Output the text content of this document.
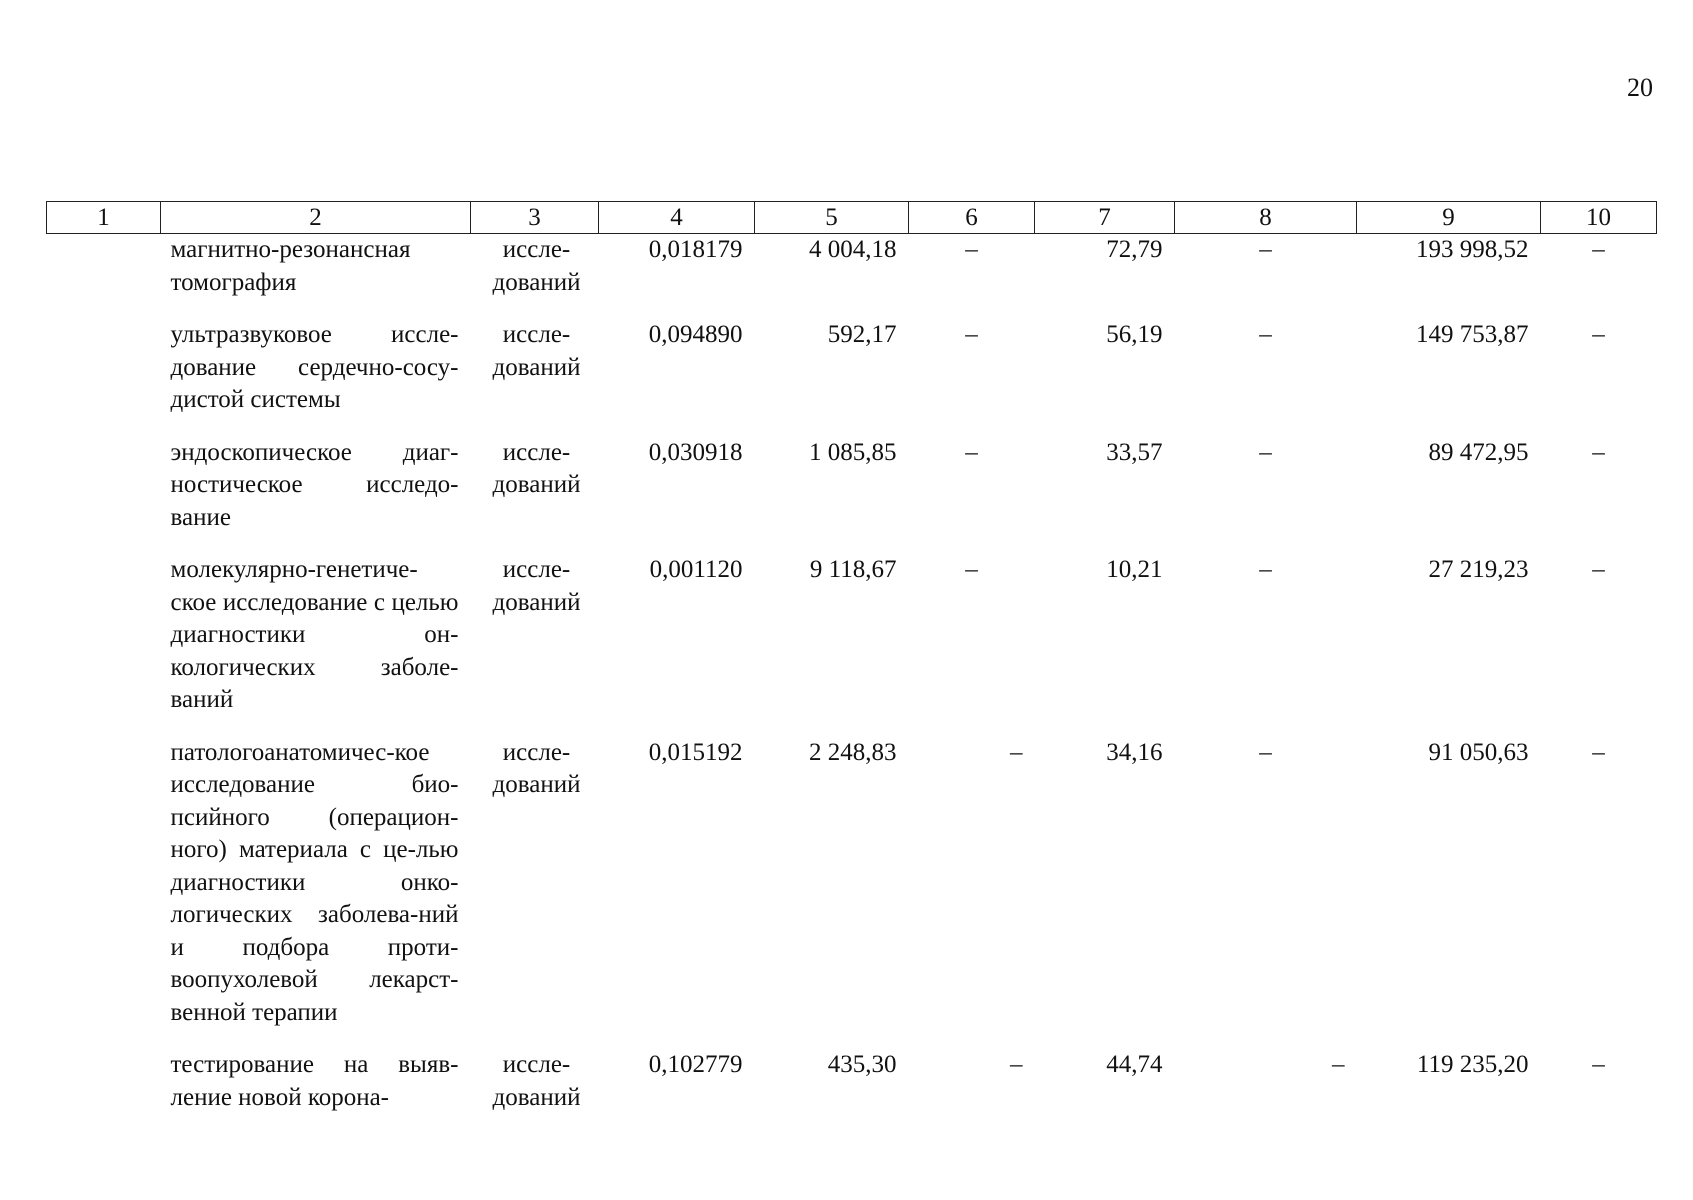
20
1	2	3	4	5	6	7	8	9	10
	магнитно-резонансная томография	иссле-дований	0,018179	4 004,18	–	72,79	–	193 998,52	–
	ультразвуковое иссле-дование сердечно-сосу-дистой системы	иссле-дований	0,094890	592,17	–	56,19	–	149 753,87	–
	эндоскопическое диаг-ностическое исследо-вание	иссле-дований	0,030918	1 085,85	–	33,57	–	89 472,95	–
	молекулярно-генетиче-ское исследование с целью диагностики он-кологических заболе-ваний	иссле-дований	0,001120	9 118,67	–	10,21	–	27 219,23	–
	патологоанатомичес-кое исследование био-псийного (операцион-ного) материала с це-лью диагностики онко-логических заболева-ний и подбора проти-воопухолевой лекарст-венной терапии	иссле-дований	0,015192	2 248,83	–	34,16	–	91 050,63	–
	тестирование на выяв-ление новой корона-	иссле-дований	0,102779	435,30	–	44,74	–	119 235,20	–
